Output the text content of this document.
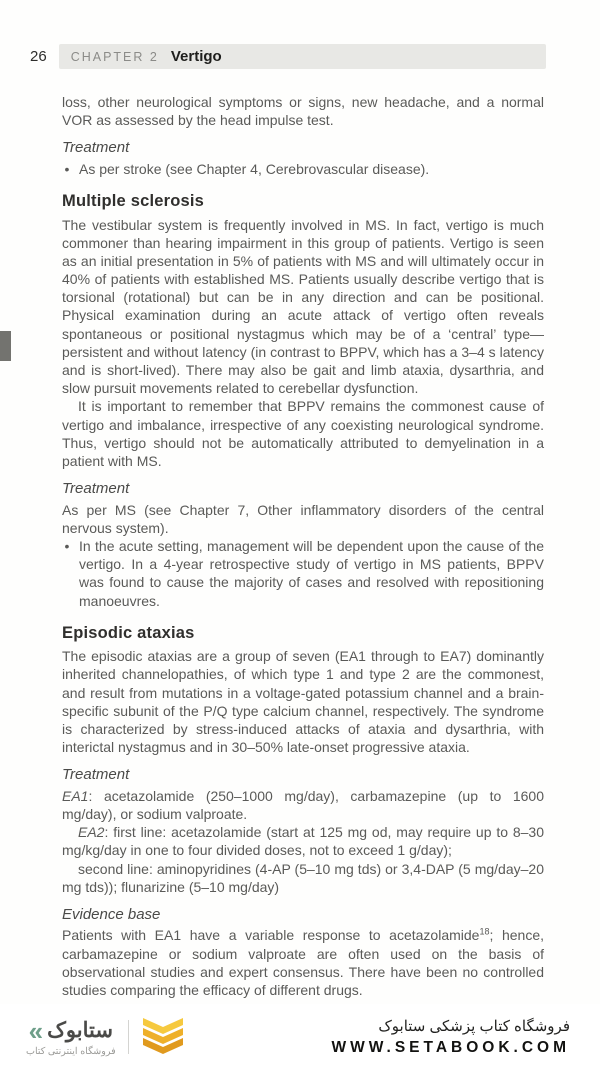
26 CHAPTER 2 Vertigo

loss, other neurological symptoms or signs, new headache, and a normal VOR as assessed by the head impulse test.

Treatment
• As per stroke (see Chapter 4, Cerebrovascular disease).
Multiple sclerosis

The vestibular system is frequently involved in MS. In fact, vertigo is much commoner than hearing impairment in this group of patients. Vertigo is seen as an initial presentation in 5% of patients with MS and will ultimately occur in 40% of patients with established MS. Patients usually describe vertigo that is torsional (rotational) but can be in any direction and can be positional. Physical examination during an acute attack of vertigo often reveals spontaneous or positional nystagmus which may be of a ‘central’ type—persistent and without latency (in contrast to BPPV, which has a 3–4 s latency and is short-lived). There may also be gait and limb ataxia, dysarthria, and slow pursuit movements related to cerebellar dysfunction.

It is important to remember that BPPV remains the commonest cause of vertigo and imbalance, irrespective of any coexisting neurological syndrome. Thus, vertigo should not be automatically attributed to demyelination in a patient with MS.

Treatment

As per MS (see Chapter 7, Other inflammatory disorders of the central nervous system).

• In the acute setting, management will be dependent upon the cause of the vertigo. In a 4-year retrospective study of vertigo in MS patients, BPPV was found to cause the majority of cases and resolved with repositioning manoeuvres.
Episodic ataxias

The episodic ataxias are a group of seven (EA1 through to EA7) dominantly inherited channelopathies, of which type 1 and type 2 are the commonest, and result from mutations in a voltage-gated potassium channel and a brain-specific subunit of the P/Q type calcium channel, respectively. The syndrome is characterized by stress-induced attacks of ataxia and dysarthria, with interictal nystagmus and in 30–50% late-onset progressive ataxia.

Treatment

EA1: acetazolamide (250–1000 mg/day), carbamazepine (up to 1600 mg/day), or sodium valproate.

EA2: first line: acetazolamide (start at 125 mg od, may require up to 8–30 mg/kg/day in one to four divided doses, not to exceed 1 g/day);

second line: aminopyridines (4-AP (5–10 mg tds) or 3,4-DAP (5 mg/day–20 mg tds)); flunarizine (5–10 mg/day)

Evidence base

Patients with EA1 have a variable response to acetazolamide$^{18}$; hence, carbamazepine or sodium valproate are often used on the basis of observational studies and expert consensus. There have been no controlled studies comparing the efficacy of different drugs.

« ستابوک
فروشگاه اینترنتی کتاب
فروشگاه کتاب پزشکی ستابوک
WWW.SETABOOK.COM
